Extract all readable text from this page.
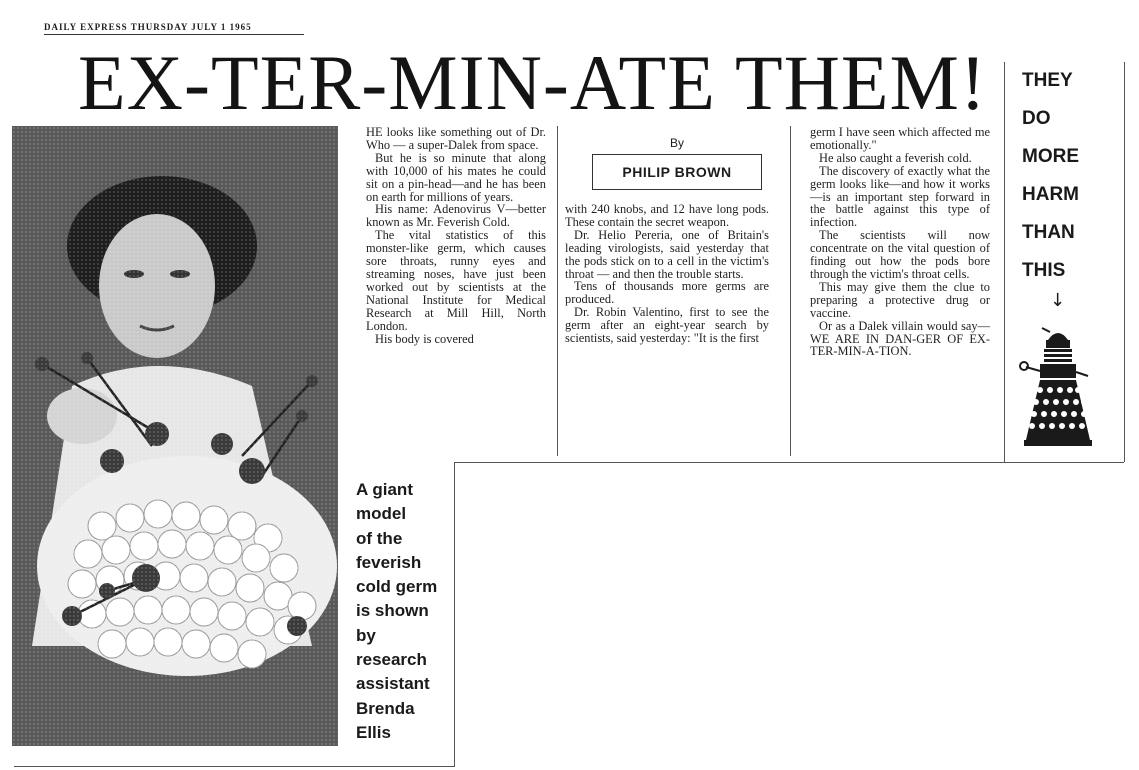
DAILY EXPRESS THURSDAY JULY 1 1965
EX-TER-MIN-ATE THEM!

HE looks like something out of Dr. Who — a super-Dalek from space.

But he is so minute that along with 10,000 of his mates he could sit on a pin-head—and he has been on earth for millions of years.

His name: Adenovirus V—better known as Mr. Feverish Cold.

The vital statistics of this monster-like germ, which causes sore throats, runny eyes and streaming noses, have just been worked out by scientists at the National Institute for Medical Research at Mill Hill, North London.

His body is covered

By
PHILIP BROWN

with 240 knobs, and 12 have long pods. These contain the secret weapon.

Dr. Helio Pereria, one of Britain's leading virologists, said yesterday that the pods stick on to a cell in the victim's throat — and then the trouble starts.

Tens of thousands more germs are produced.

Dr. Robin Valentino, first to see the germ after an eight-year search by scientists, said yesterday: "It is the first

germ I have seen which affected me emotionally."

He also caught a feverish cold.

The discovery of exactly what the germ looks like—and how it works—is an important step forward in the battle against this type of infection.

The scientists will now concentrate on the vital question of finding out how the pods bore through the victim's throat cells.

This may give them the clue to preparing a protective drug or vaccine.

Or as a Dalek villain would say—WE ARE IN DAN-GER OF EX-TER-MIN-A-TION.

THEY
DO
MORE
HARM
THAN
THIS
↓
A giant
model
of the
feverish
cold germ
is shown
by
research
assistant
Brenda
Ellis
